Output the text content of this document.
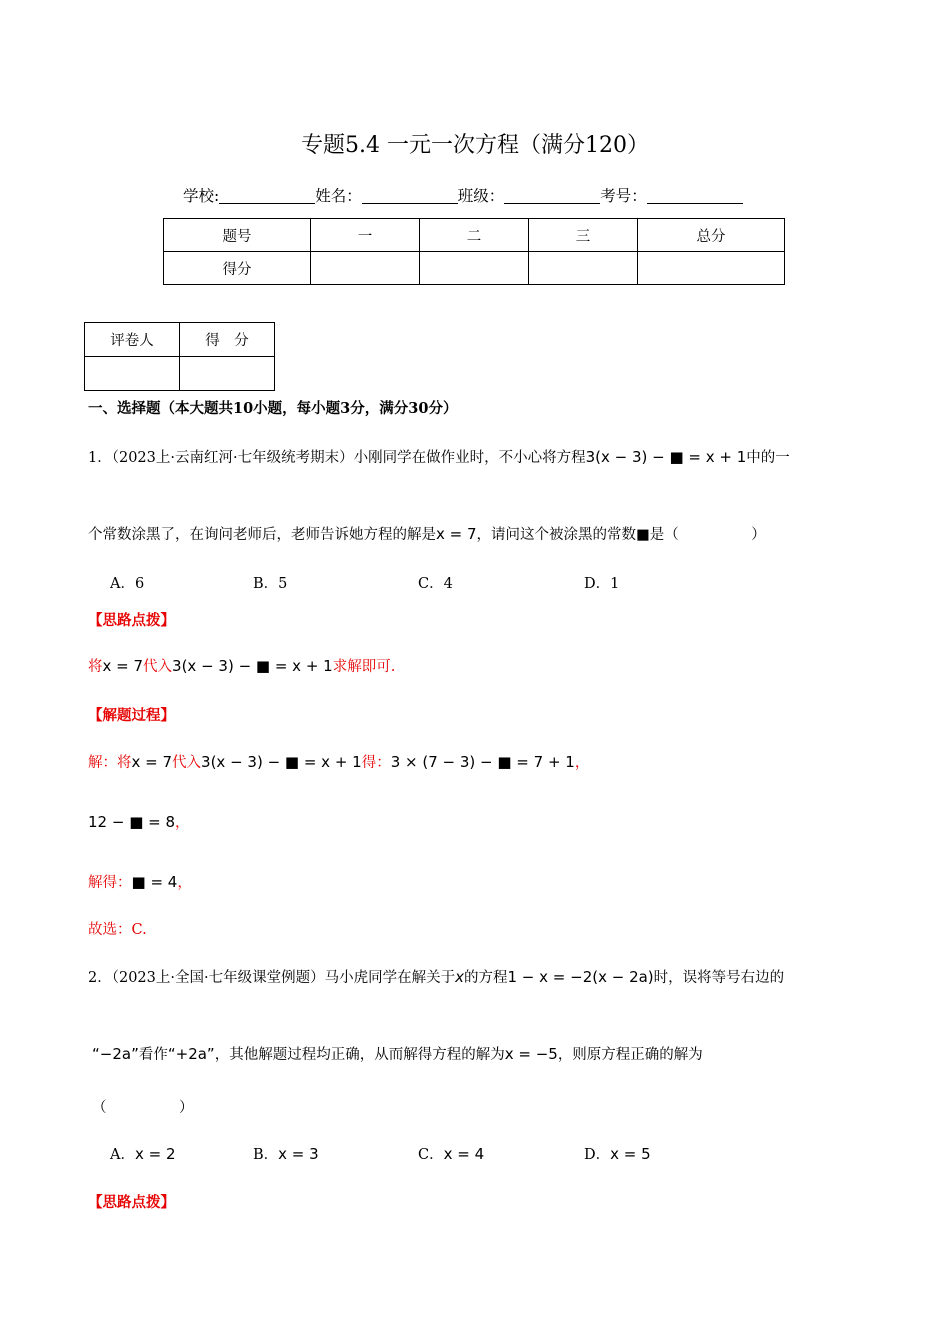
专题5.4 一元一次方程（满分120）
学校:	姓名：	班级：	考号：
题号	一	二	三	总分
得分				
评卷人	得　分

一、选择题（本大题共10小题，每小题3分，满分30分）
1．（2023上·云南红河·七年级统考期末）小刚同学在做作业时，不小心将方程3(x − 3) − ■ = x + 1中的一
个常数涂黑了，在询问老师后，老师告诉她方程的解是x = 7，请问这个被涂黑的常数■是（　　　　　）
A．6	B．5	C．4	D．1
【思路点拨】
将x = 7代入3(x − 3) − ■ = x + 1求解即可.
【解题过程】
解：将x = 7代入3(x − 3) − ■ = x + 1得：3 × (7 − 3) − ■ = 7 + 1，
12 − ■ = 8，
解得：■ = 4，
故选：C.
2．（2023上·全国·七年级课堂例题）马小虎同学在解关于x的方程1 − x = −2(x − 2a)时，误将等号右边的
“−2a”看作“+2a”，其他解题过程均正确，从而解得方程的解为x = −5，则原方程正确的解为
（　　　　　）
A．x = 2	B．x = 3	C．x = 4	D．x = 5
【思路点拨】
